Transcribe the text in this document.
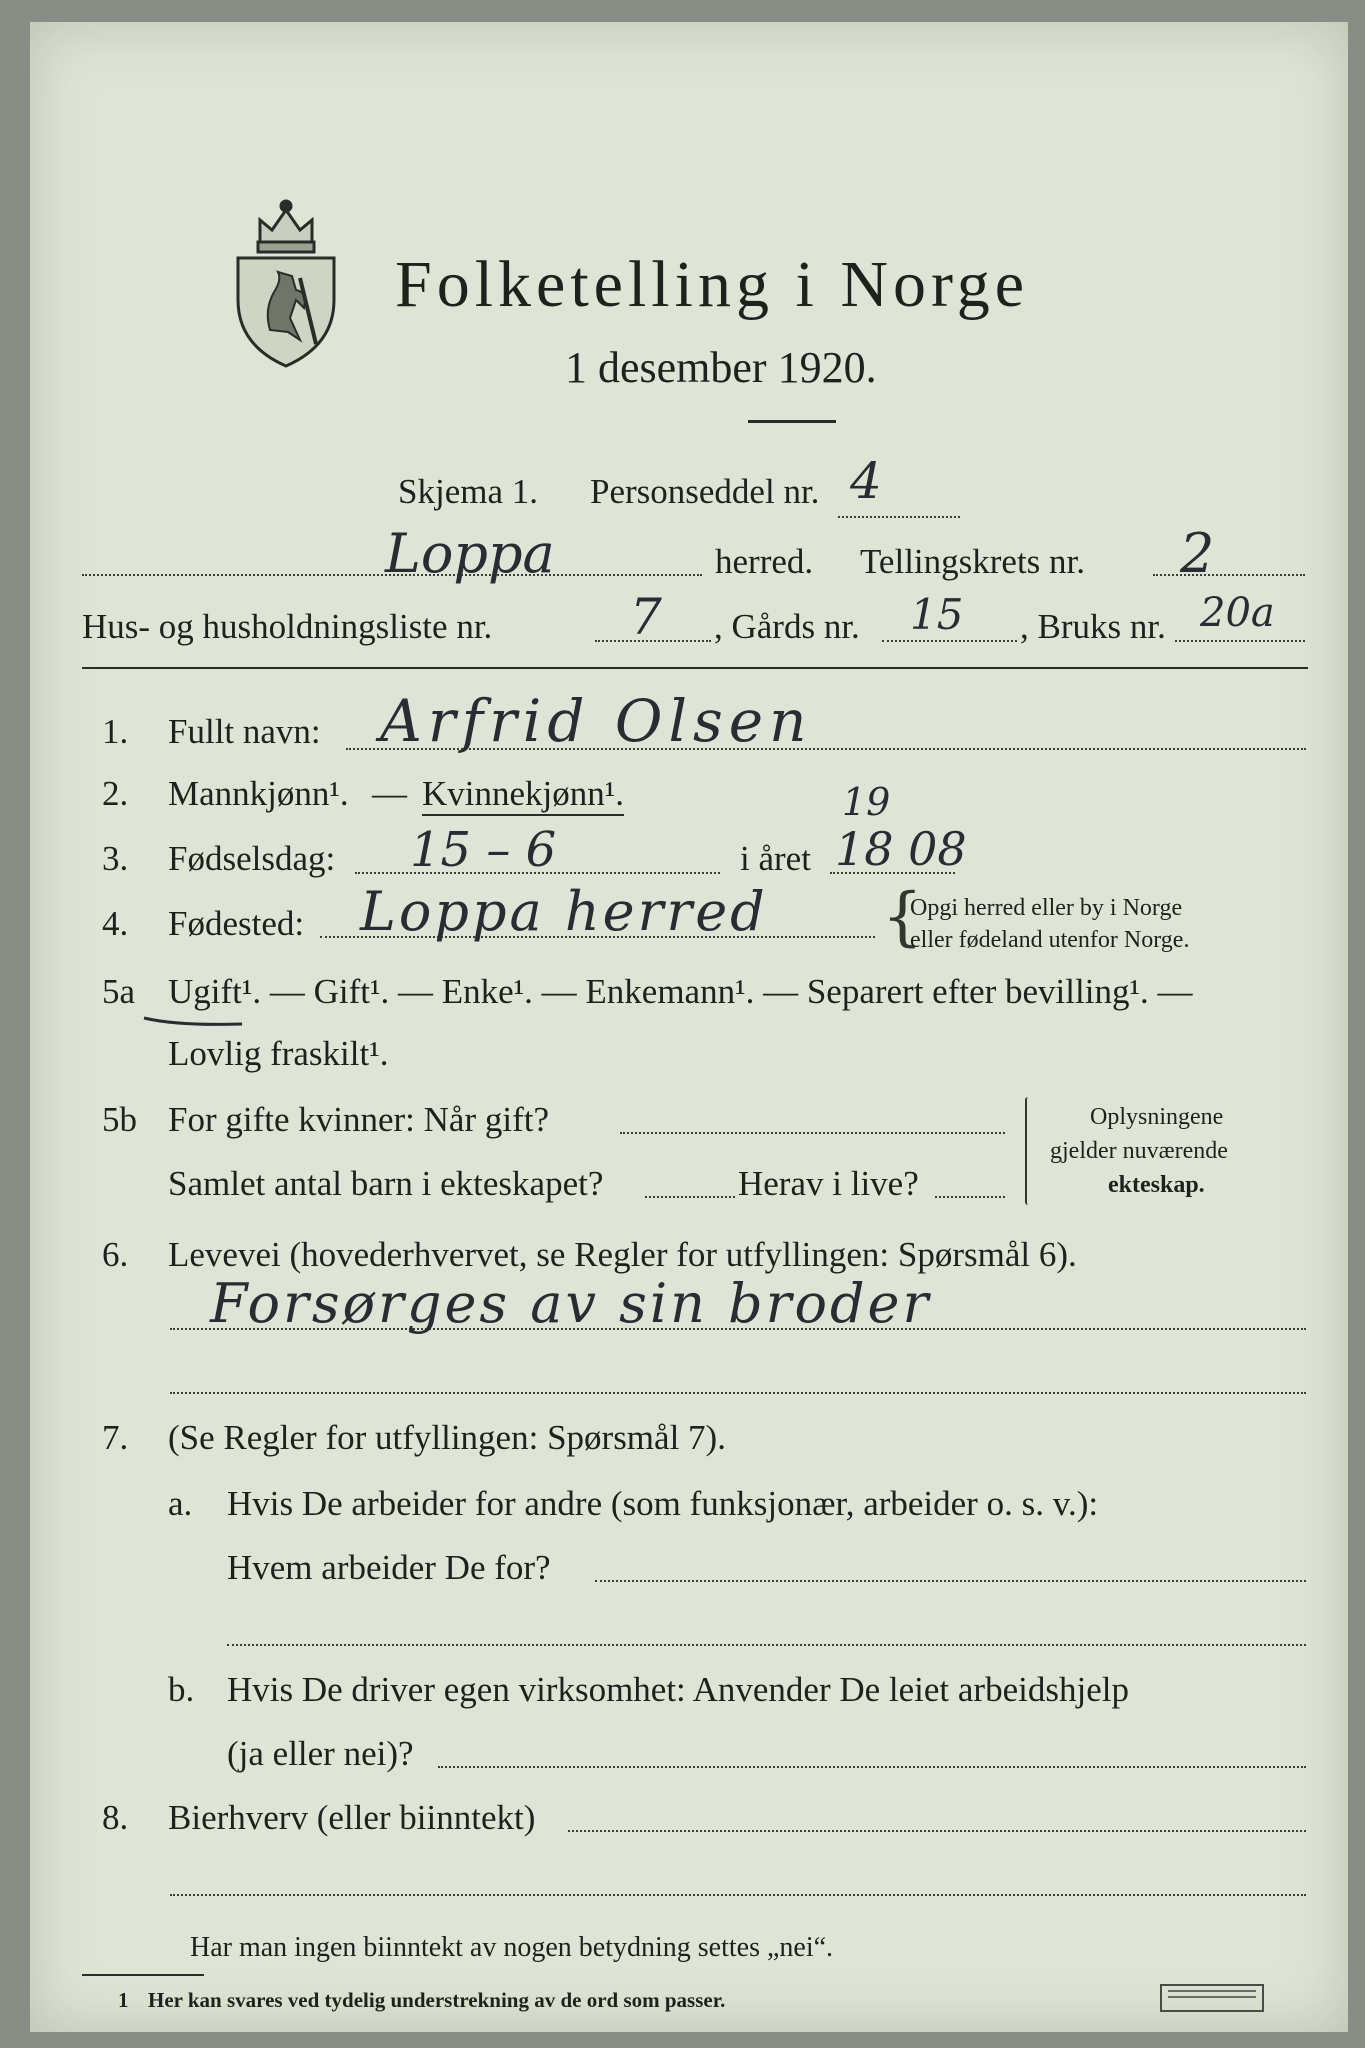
Folketelling i Norge
1 desember 1920.
Skjema 1. Personseddel nr. 4
Loppa	herred. Tellingskrets nr. 2
Hus- og husholdningsliste nr.	7 , Gårds nr. 15 , Bruks nr. 20a
1. Fullt navn: Arfrid Olsen
2. Mannkjønn¹. — Kvinnekjønn¹.
3. Fødselsdag: 15 – 6	i året
19
18 08
4. Fødested: Loppa herred {
Opgi herred eller by i Norge
eller fødeland utenfor Norge.
5a Ugift¹. — Gift¹. — Enke¹. — Enkemann¹. — Separert efter bevilling¹. —
Lovlig fraskilt¹.
5b For gifte kvinner: Når gift?
Samlet antal barn i ekteskapet?	Herav i live?
Oplysningene
gjelder nuværende
ekteskap.
6. Levevei (hovederhvervet, se Regler for utfyllingen: Spørsmål 6).
Forsørges av sin broder
7. (Se Regler for utfyllingen: Spørsmål 7).
a. Hvis De arbeider for andre (som funksjonær, arbeider o. s. v.):
Hvem arbeider De for?
b. Hvis De driver egen virksomhet: Anvender De leiet arbeidshjelp
(ja eller nei)?
8. Bierhverv (eller biinntekt)
Har man ingen biinntekt av nogen betydning settes „nei“.
1 Her kan svares ved tydelig understrekning av de ord som passer.
